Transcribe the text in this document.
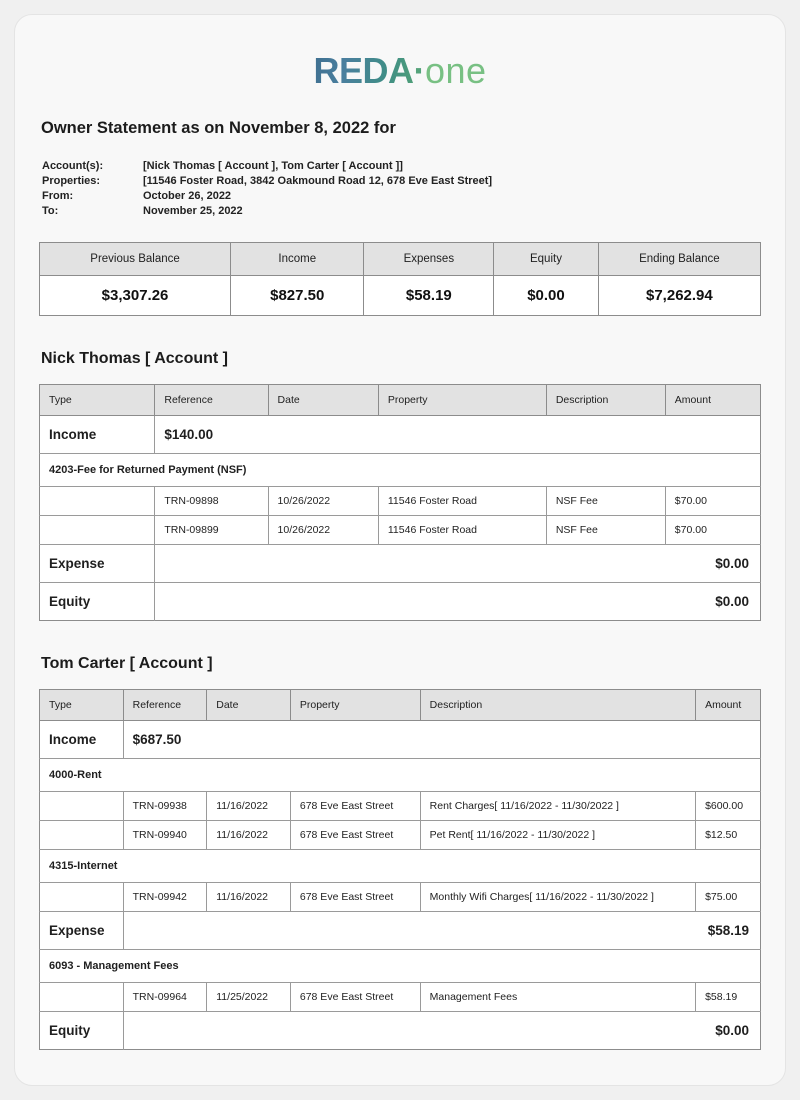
REDA·one
Owner Statement as on November 8, 2022 for
Account(s):	[Nick Thomas [ Account ], Tom Carter [ Account ]]
Properties:	[11546 Foster Road, 3842 Oakmound Road 12, 678 Eve East Street]
From:	October 26, 2022
To:	November 25, 2022
Previous Balance	Income	Expenses	Equity	Ending Balance
$3,307.26	$827.50	$58.19	$0.00	$7,262.94
Nick Thomas [ Account ]
Type	Reference	Date	Property	Description	Amount
Income	$140.00				
4203-Fee for Returned Payment (NSF)					
	TRN-09898	10/26/2022	11546 Foster Road	NSF Fee	$70.00
	TRN-09899	10/26/2022	11546 Foster Road	NSF Fee	$70.00
Expense	$0.00				
Equity	$0.00				
Tom Carter [ Account ]
Type	Reference	Date	Property	Description	Amount
Income	$687.50				
4000-Rent					
	TRN-09938	11/16/2022	678 Eve East Street	Rent Charges[ 11/16/2022 - 11/30/2022 ]	$600.00
	TRN-09940	11/16/2022	678 Eve East Street	Pet Rent[ 11/16/2022 - 11/30/2022 ]	$12.50
4315-Internet					
	TRN-09942	11/16/2022	678 Eve East Street	Monthly Wifi Charges[ 11/16/2022 - 11/30/2022 ]	$75.00
Expense	$58.19				
6093 - Management Fees					
	TRN-09964	11/25/2022	678 Eve East Street	Management Fees	$58.19
Equity	$0.00				
